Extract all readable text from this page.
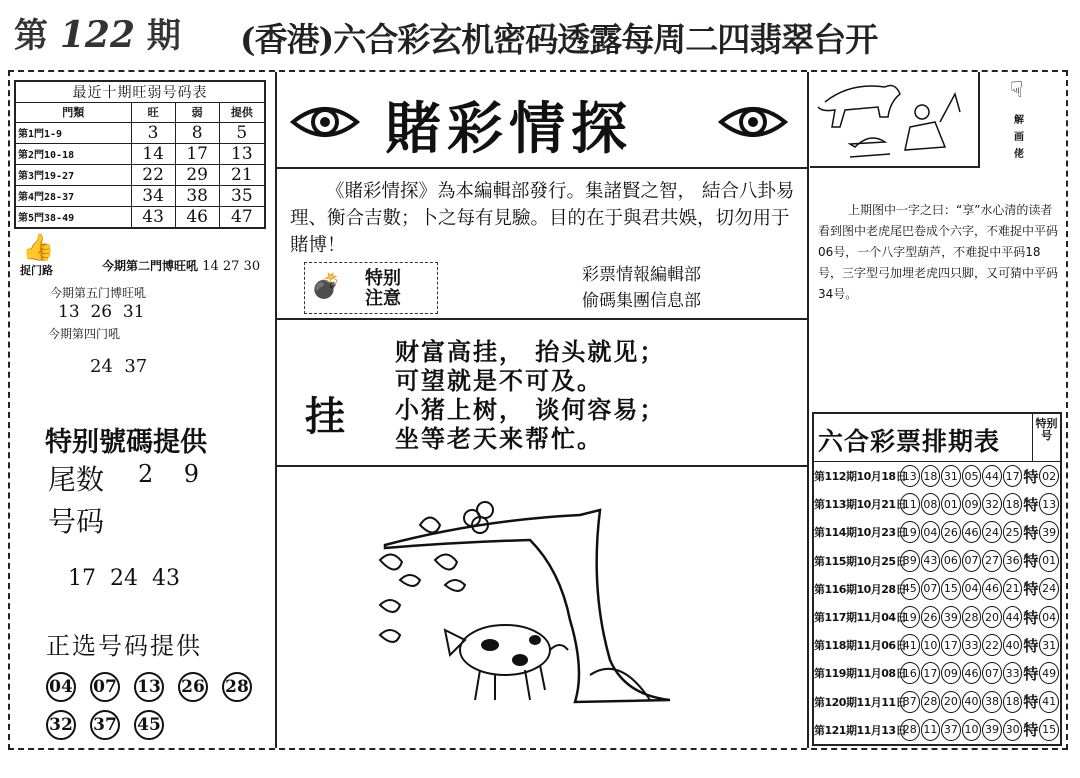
第 122 期 (香港)六合彩玄机密码透露每周二四翡翠台开
最近十期旺弱号码表			
門類	旺	弱	提供
第1門1-9	3	8	5
第2門10-18	14	17	13
第3門19-27	22	29	21
第4門28-37	34	38	35
第5門38-49	43	46	47
👍
捉门路	今期第二門博旺吼 14 27 30
今期第五门博旺吼
13  26  31
今期第四门吼
24  37
特别號碼提供
尾数 2    9
号码
17  24  43
正选号码提供
04 07 13 26 2832 37 45
賭彩情探
《賭彩情探》為本編輯部發行。集諸賢之智， 結合八卦易理、衡合吉數；卜之每有見驗。目的在于與君共娛，切勿用于賭博！
💣 特别
注意
彩票情報編輯部
偷碼集團信息部
挂
财富高挂， 抬头就见；
可望就是不可及。
小猪上树， 谈何容易；
坐等老天来帮忙。
☟
解画佬
上期图中一字之曰：“享”水心清的读者看到图中老虎尾巴卷成个六字，不难捉中平码06号，一个八字型葫芦，不难捉中平码18号，三字型弓加埋老虎四只脚，又可猜中平码34号。
六合彩票排期表
特别号
第112期10月18日
13 18 31 05 44 17 特 02
第113期10月21日
11 08 01 09 32 18 特 13
第114期10月23日
19 04 26 46 24 25 特 39
第115期10月25日
39 43 06 07 27 36 特 01
第116期10月28日
45 07 15 04 46 21 特 24
第117期11月04日
19 26 39 28 20 44 特 04
第118期11月06日
41 10 17 33 22 40 特 31
第119期11月08日
16 17 09 46 07 33 特 49
第120期11月11日
37 28 20 40 38 18 特 41
第121期11月13日
28 11 37 10 39 30 特 15
